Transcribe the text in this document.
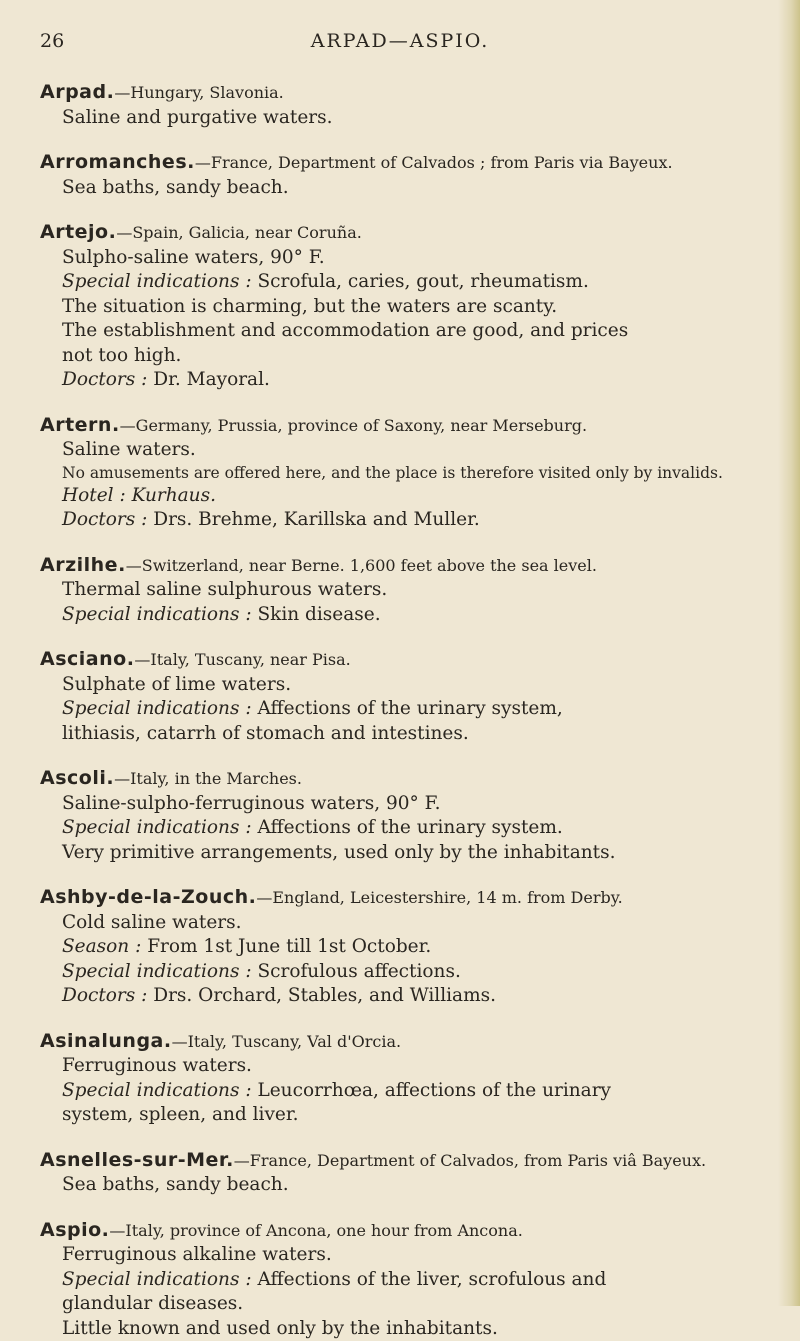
26	ARPAD—ASPIO.
Arpad.—Hungary, Slavonia.
Saline and purgative waters.
Arromanches.—France, Department of Calvados ; from Paris via Bayeux.
Sea baths, sandy beach.
Artejo.—Spain, Galicia, near Coruña.
Sulpho-saline waters, 90° F.
Special indications : Scrofula, caries, gout, rheumatism.
The situation is charming, but the waters are scanty.
The establishment and accommodation are good, and prices
not too high.
Doctors : Dr. Mayoral.
Artern.—Germany, Prussia, province of Saxony, near Merseburg.
Saline waters.
No amusements are offered here, and the place is therefore visited only by invalids.
Hotel : Kurhaus.
Doctors : Drs. Brehme, Karillska and Muller.
Arzilhe.—Switzerland, near Berne. 1,600 feet above the sea level.
Thermal saline sulphurous waters.
Special indications : Skin disease.
Asciano.—Italy, Tuscany, near Pisa.
Sulphate of lime waters.
Special indications : Affections of the urinary system,
lithiasis, catarrh of stomach and intestines.
Ascoli.—Italy, in the Marches.
Saline-sulpho-ferruginous waters, 90° F.
Special indications : Affections of the urinary system.
Very primitive arrangements, used only by the inhabitants.
Ashby-de-la-Zouch.—England, Leicestershire, 14 m. from Derby.
Cold saline waters.
Season : From 1st June till 1st October.
Special indications : Scrofulous affections.
Doctors : Drs. Orchard, Stables, and Williams.
Asinalunga.—Italy, Tuscany, Val d'Orcia.
Ferruginous waters.
Special indications : Leucorrhœa, affections of the urinary
system, spleen, and liver.
Asnelles-sur-Mer.—France, Department of Calvados, from Paris viâ Bayeux.
Sea baths, sandy beach.
Aspio.—Italy, province of Ancona, one hour from Ancona.
Ferruginous alkaline waters.
Special indications : Affections of the liver, scrofulous and
glandular diseases.
Little known and used only by the inhabitants.
